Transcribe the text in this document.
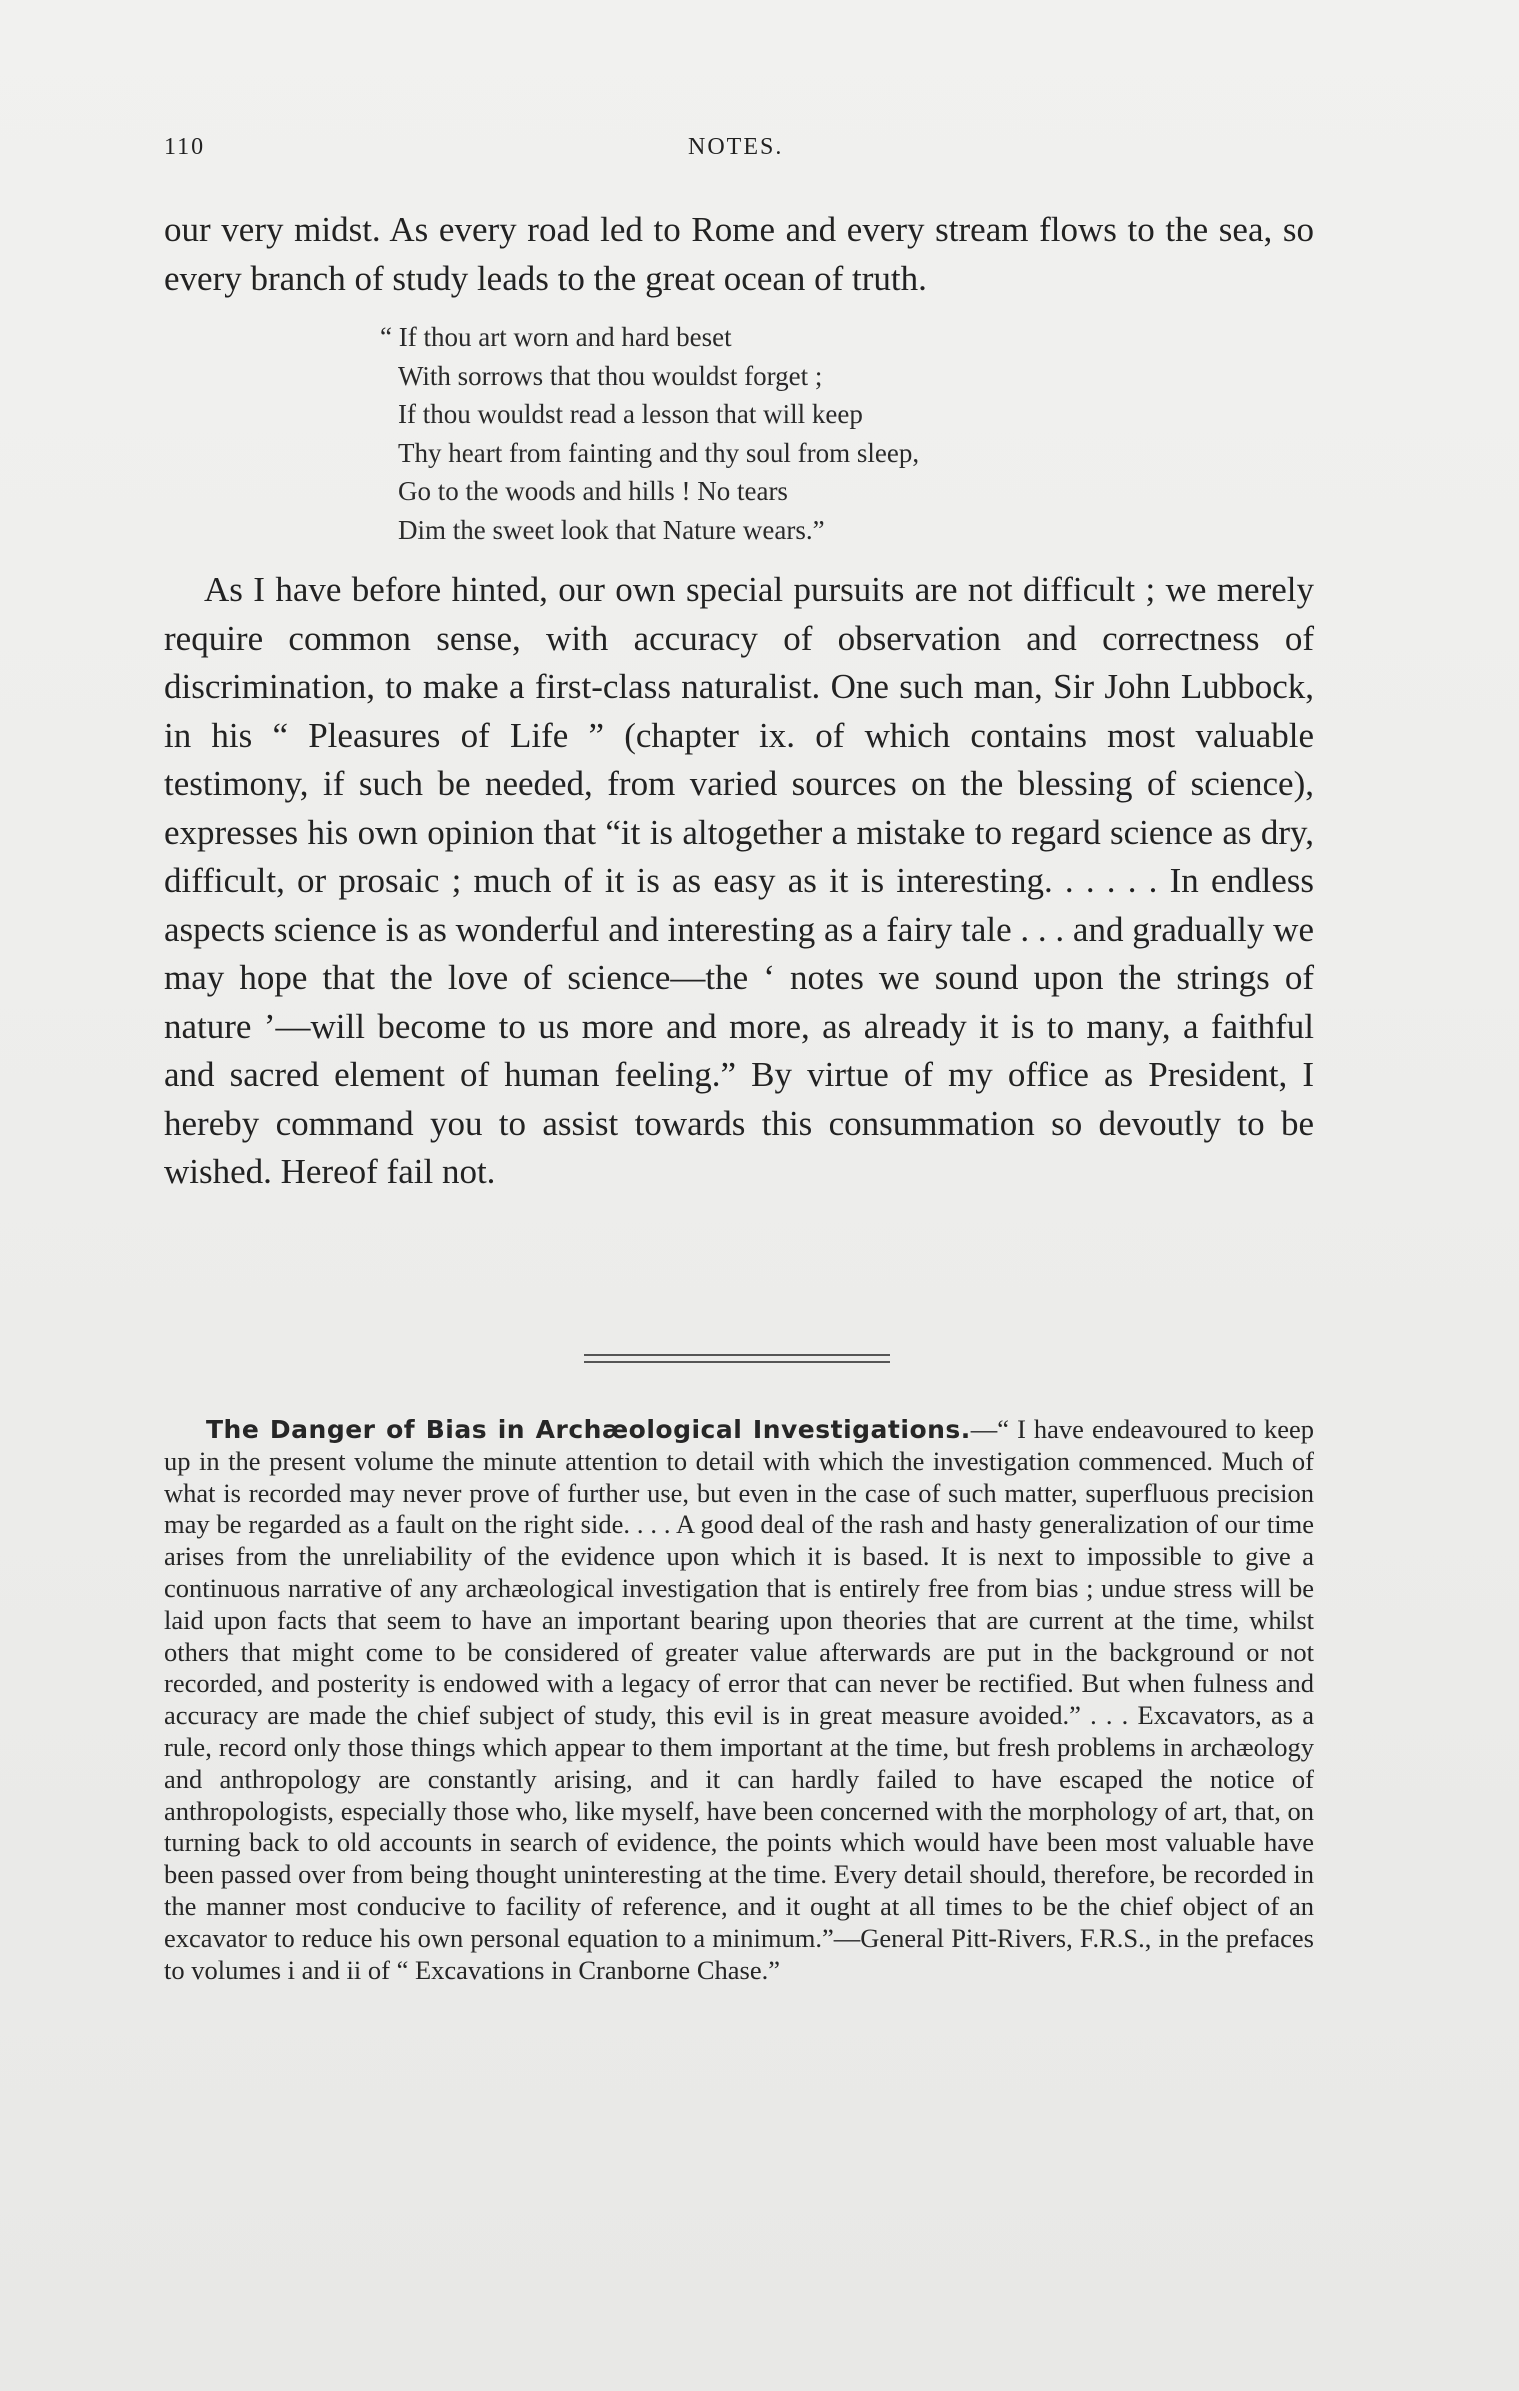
110	NOTES.
our very midst. As every road led to Rome and every stream flows to the sea, so every branch of study leads to the great ocean of truth.
“ If thou art worn and hard beset
With sorrows that thou wouldst forget ;
If thou wouldst read a lesson that will keep
Thy heart from fainting and thy soul from sleep,
Go to the woods and hills ! No tears
Dim the sweet look that Nature wears.”
As I have before hinted, our own special pursuits are not difficult ; we merely require common sense, with accuracy of observation and correctness of discrimination, to make a first-class naturalist. One such man, Sir John Lubbock, in his “ Pleasures of Life ” (chapter ix. of which contains most valuable testimony, if such be needed, from varied sources on the blessing of science), expresses his own opinion that “it is altogether a mistake to regard science as dry, difficult, or prosaic ; much of it is as easy as it is interesting. . . . . . In endless aspects science is as wonderful and interesting as a fairy tale . . . and gradually we may hope that the love of science—the ‘ notes we sound upon the strings of nature ’—will become to us more and more, as already it is to many, a faithful and sacred element of human feeling.” By virtue of my office as President, I hereby command you to assist towards this consummation so devoutly to be wished. Hereof fail not.
The Danger of Bias in Archæological Investigations.—“ I have endeavoured to keep up in the present volume the minute attention to detail with which the investigation commenced. Much of what is recorded may never prove of further use, but even in the case of such matter, superfluous precision may be regarded as a fault on the right side. . . . A good deal of the rash and hasty generalization of our time arises from the unreliability of the evidence upon which it is based. It is next to impossible to give a continuous narrative of any archæological investigation that is entirely free from bias ; undue stress will be laid upon facts that seem to have an important bearing upon theories that are current at the time, whilst others that might come to be considered of greater value afterwards are put in the background or not recorded, and posterity is endowed with a legacy of error that can never be rectified. But when fulness and accuracy are made the chief subject of study, this evil is in great measure avoided.” . . . Excavators, as a rule, record only those things which appear to them important at the time, but fresh problems in archæology and anthropology are constantly arising, and it can hardly failed to have escaped the notice of anthropologists, especially those who, like myself, have been concerned with the morphology of art, that, on turning back to old accounts in search of evidence, the points which would have been most valuable have been passed over from being thought uninteresting at the time. Every detail should, therefore, be recorded in the manner most conducive to facility of reference, and it ought at all times to be the chief object of an excavator to reduce his own personal equation to a minimum.”—General Pitt-Rivers, F.R.S., in the prefaces to volumes i and ii of “ Excavations in Cranborne Chase.”
